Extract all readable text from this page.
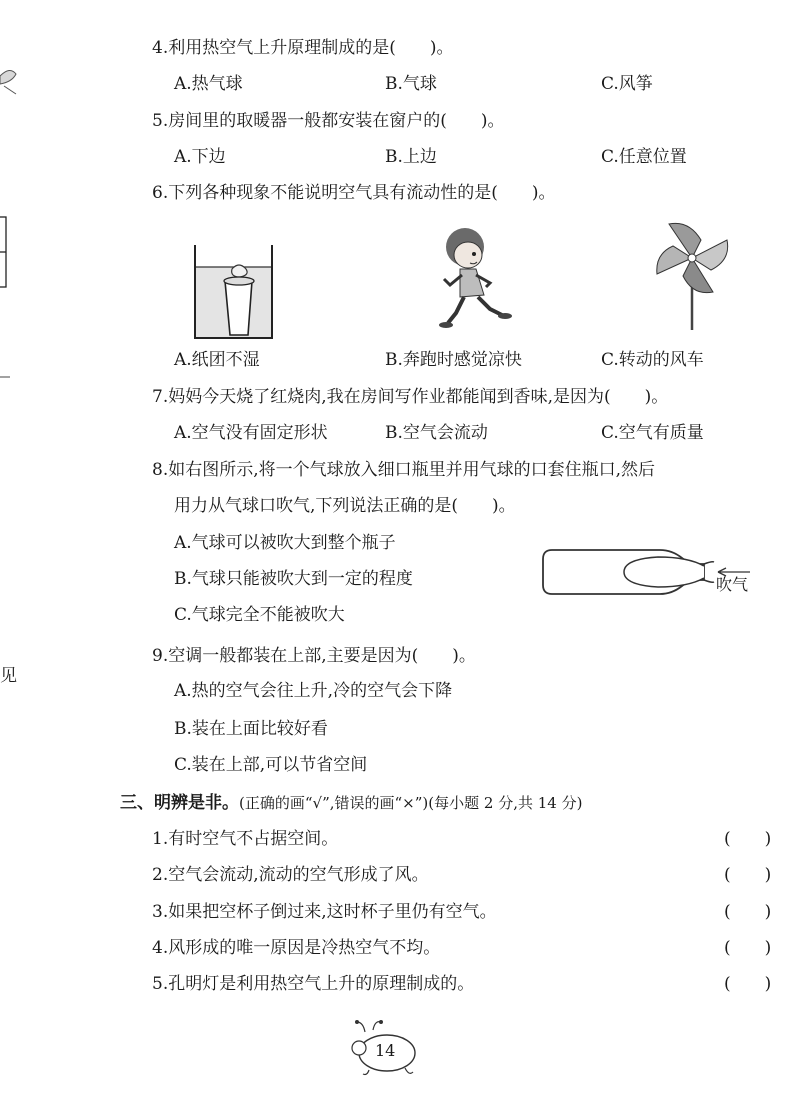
见
4.利用热空气上升原理制成的是(　　)。
A.热气球	B.气球	C.风筝
5.房间里的取暖器一般都安装在窗户的(　　)。
A.下边	B.上边	C.任意位置
6.下列各种现象不能说明空气具有流动性的是(　　)。
A.纸团不湿	B.奔跑时感觉凉快	C.转动的风车
7.妈妈今天烧了红烧肉,我在房间写作业都能闻到香味,是因为(　　)。
A.空气没有固定形状	B.空气会流动	C.空气有质量
8.如右图所示,将一个气球放入细口瓶里并用气球的口套住瓶口,然后
用力从气球口吹气,下列说法正确的是(　　)。
A.气球可以被吹大到整个瓶子
B.气球只能被吹大到一定的程度
C.气球完全不能被吹大
吹气
9.空调一般都装在上部,主要是因为(　　)。
A.热的空气会往上升,冷的空气会下降
B.装在上面比较好看
C.装在上部,可以节省空间
三、明辨是非。(正确的画“√”,错误的画“×”)(每小题 2 分,共 14 分)
1.有时空气不占据空间。	(　　)
2.空气会流动,流动的空气形成了风。	(　　)
3.如果把空杯子倒过来,这时杯子里仍有空气。	(　　)
4.风形成的唯一原因是冷热空气不均。	(　　)
5.孔明灯是利用热空气上升的原理制成的。	(　　)
14
